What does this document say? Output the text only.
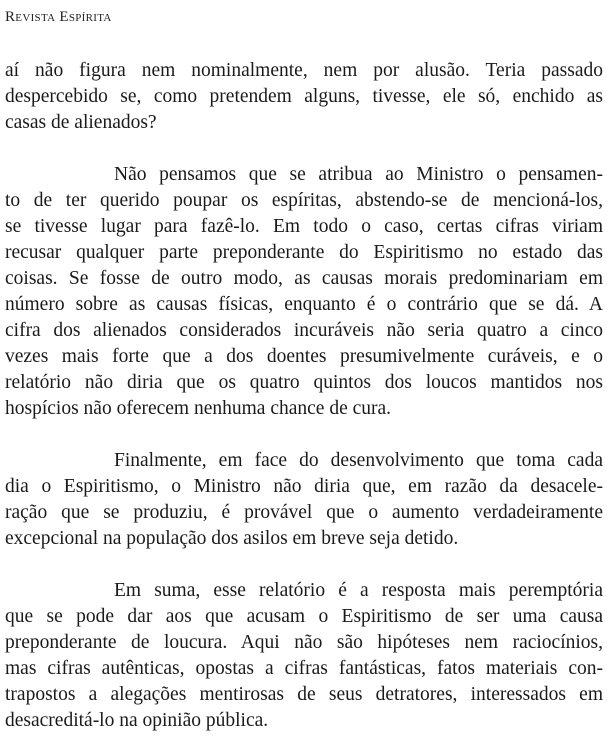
Revista Espírita
aí não figura nem nominalmente, nem por alusão. Teria passado
despercebido se, como pretendem alguns, tivesse, ele só, enchido as
casas de alienados?
Não pensamos que se atribua ao Ministro o pensamen-
to de ter querido poupar os espíritas, abstendo-se de mencioná-los,
se tivesse lugar para fazê-lo. Em todo o caso, certas cifras viriam
recusar qualquer parte preponderante do Espiritismo no estado das
coisas. Se fosse de outro modo, as causas morais predominariam em
número sobre as causas físicas, enquanto é o contrário que se dá. A
cifra dos alienados considerados incuráveis não seria quatro a cinco
vezes mais forte que a dos doentes presumivelmente curáveis, e o
relatório não diria que os quatro quintos dos loucos mantidos nos
hospícios não oferecem nenhuma chance de cura.
Finalmente, em face do desenvolvimento que toma cada
dia o Espiritismo, o Ministro não diria que, em razão da desacele-
ração que se produziu, é provável que o aumento verdadeiramente
excepcional na população dos asilos em breve seja detido.
Em suma, esse relatório é a resposta mais peremptória
que se pode dar aos que acusam o Espiritismo de ser uma causa
preponderante de loucura. Aqui não são hipóteses nem raciocínios,
mas cifras autênticas, opostas a cifras fantásticas, fatos materiais con-
trapostos a alegações mentirosas de seus detratores, interessados em
desacreditá-lo na opinião pública.
